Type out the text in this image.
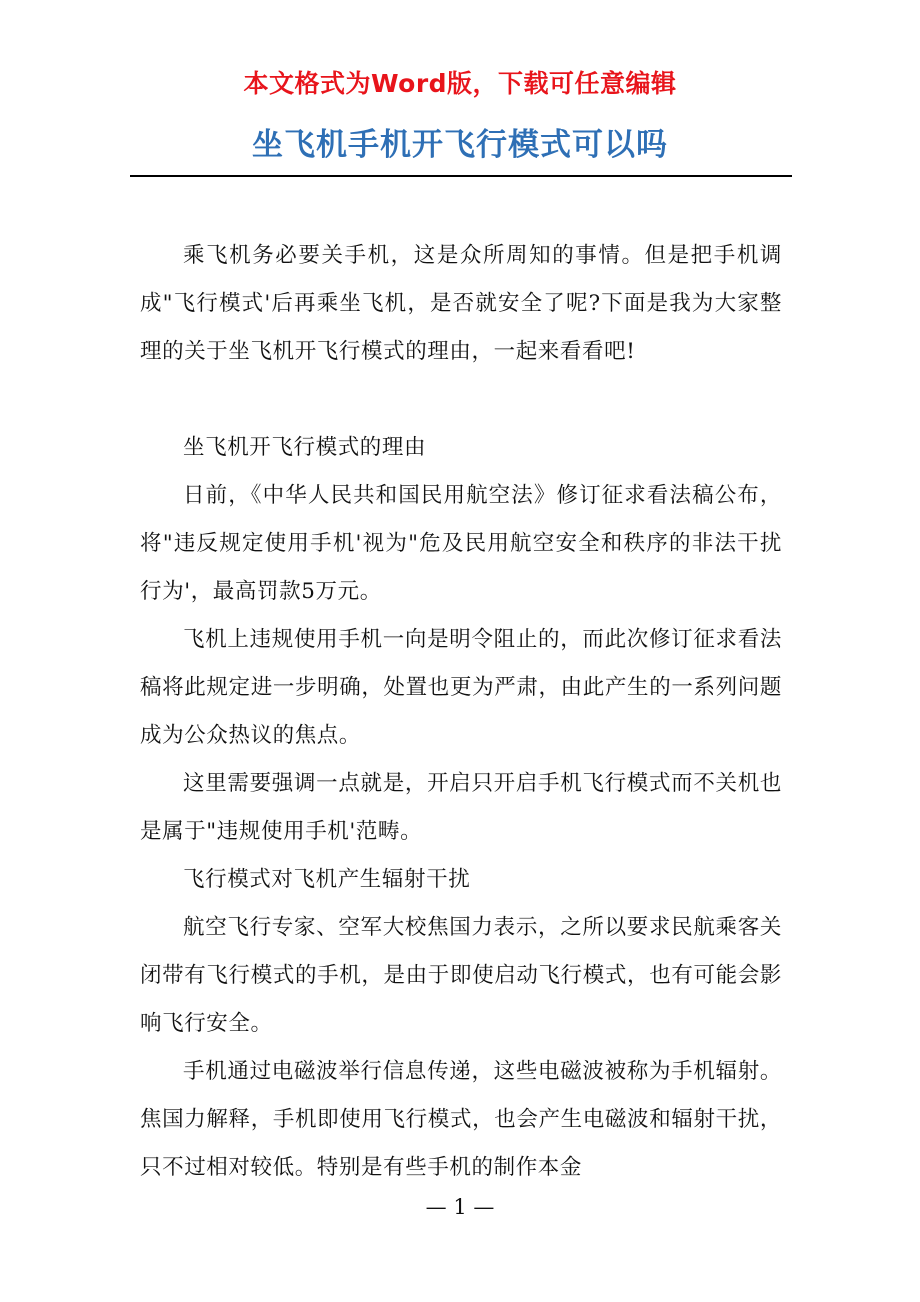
本文格式为Word版，下载可任意编辑
坐飞机手机开飞行模式可以吗

乘飞机务必要关手机，这是众所周知的事情。但是把手机调成"飞行模式'后再乘坐飞机，是否就安全了呢?下面是我为大家整理的关于坐飞机开飞行模式的理由，一起来看看吧!

坐飞机开飞行模式的理由

日前，《中华人民共和国民用航空法》修订征求看法稿公布，将"违反规定使用手机'视为"危及民用航空安全和秩序的非法干扰行为'，最高罚款5万元。

飞机上违规使用手机一向是明令阻止的，而此次修订征求看法稿将此规定进一步明确，处置也更为严肃，由此产生的一系列问题成为公众热议的焦点。

这里需要强调一点就是，开启只开启手机飞行模式而不关机也是属于"违规使用手机'范畴。

飞行模式对飞机产生辐射干扰

航空飞行专家、空军大校焦国力表示，之所以要求民航乘客关闭带有飞行模式的手机，是由于即使启动飞行模式，也有可能会影响飞行安全。

手机通过电磁波举行信息传递，这些电磁波被称为手机辐射。焦国力解释，手机即使用飞行模式，也会产生电磁波和辐射干扰，只不过相对较低。特别是有些手机的制作本金

— 1 —
